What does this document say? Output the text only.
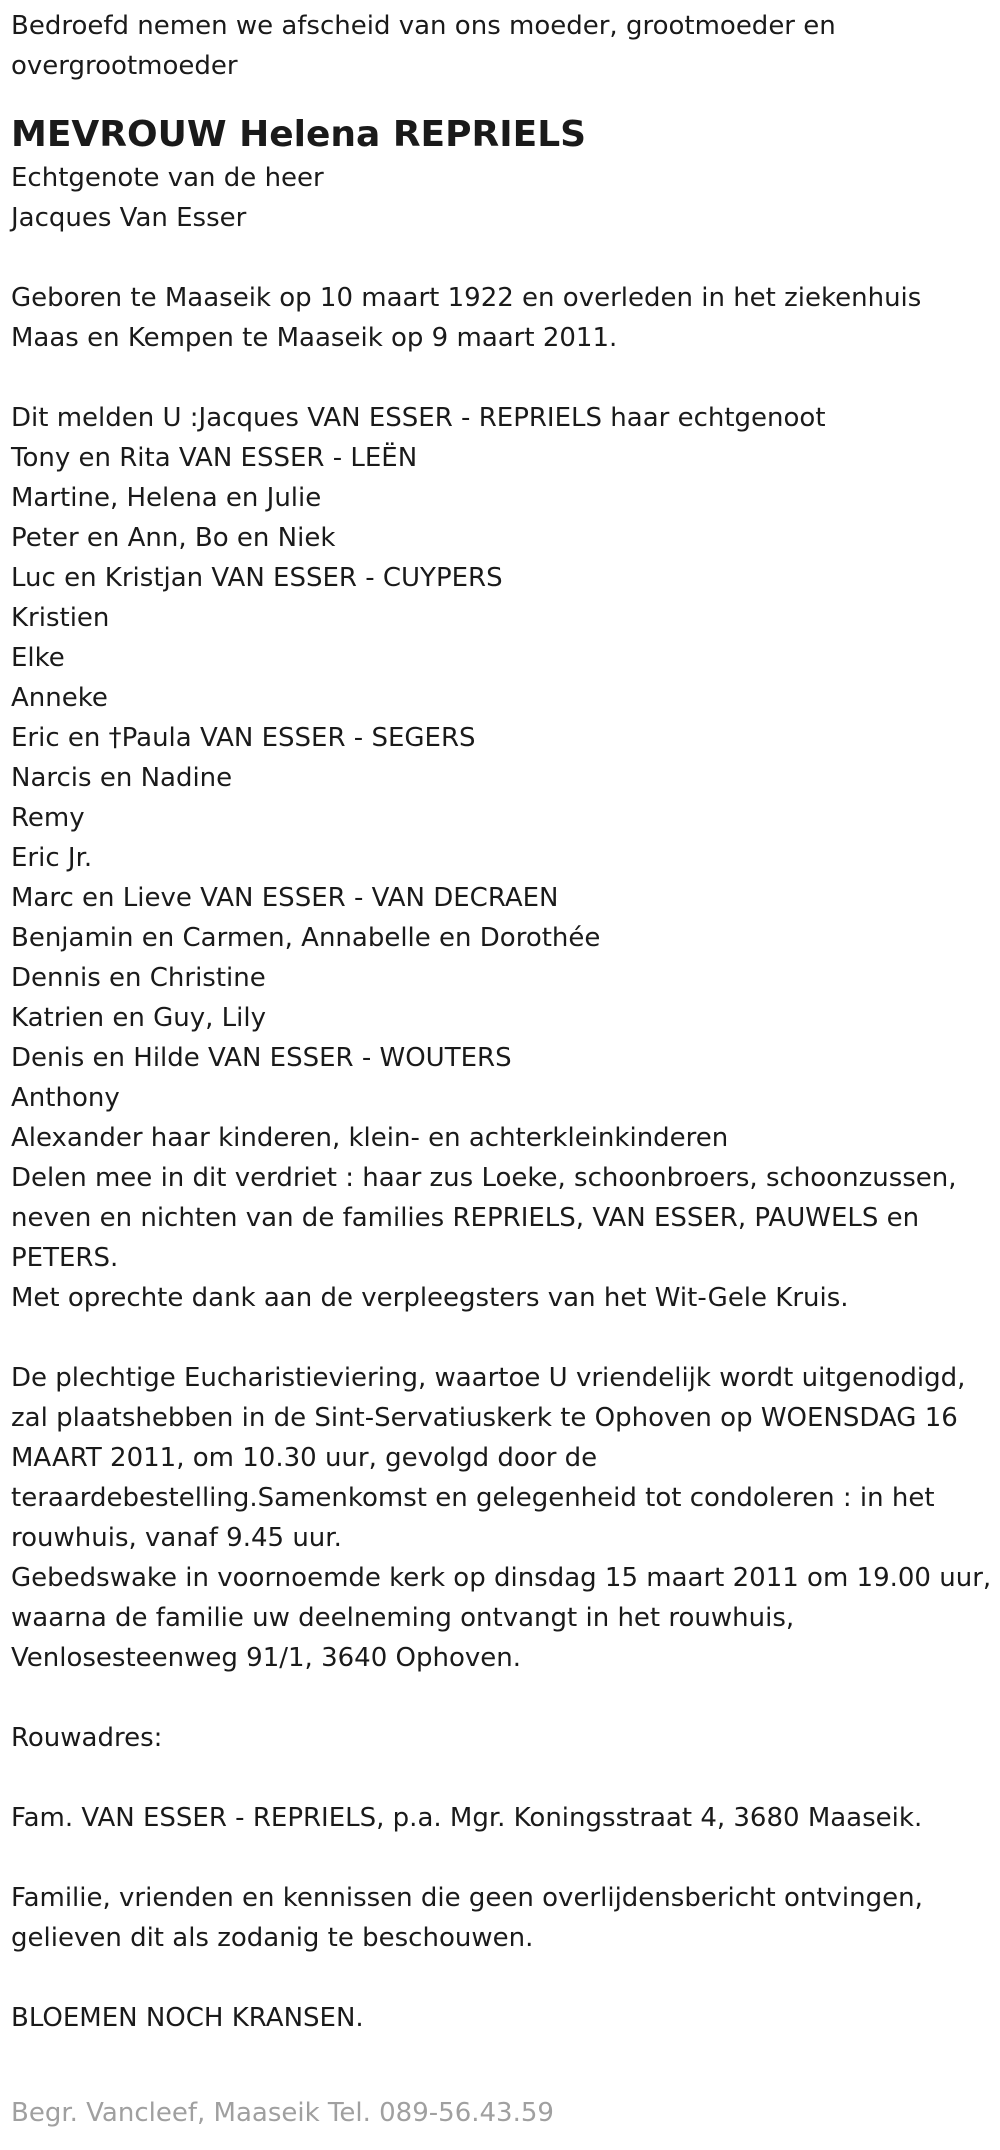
Bedroefd nemen we afscheid van ons moeder, grootmoeder en

overgrootmoeder

MEVROUW Helena REPRIELS

Echtgenote van de heer

Jacques Van Esser

Geboren te Maaseik op 10 maart 1922 en overleden in het ziekenhuis

Maas en Kempen te Maaseik op 9 maart 2011.

Dit melden U :Jacques VAN ESSER - REPRIELS haar echtgenoot

Tony en Rita VAN ESSER - LEËN

Martine, Helena en Julie

Peter en Ann, Bo en Niek

Luc en Kristjan VAN ESSER - CUYPERS

Kristien

Elke

Anneke

Eric en †Paula VAN ESSER - SEGERS

Narcis en Nadine

Remy

Eric Jr.

Marc en Lieve VAN ESSER - VAN DECRAEN

Benjamin en Carmen, Annabelle en Dorothée

Dennis en Christine

Katrien en Guy, Lily

Denis en Hilde VAN ESSER - WOUTERS

Anthony

Alexander haar kinderen, klein- en achterkleinkinderen

Delen mee in dit verdriet : haar zus Loeke, schoonbroers, schoonzussen,

neven en nichten van de families REPRIELS, VAN ESSER, PAUWELS en

PETERS.

Met oprechte dank aan de verpleegsters van het Wit-Gele Kruis.

De plechtige Eucharistieviering, waartoe U vriendelijk wordt uitgenodigd,

zal plaatshebben in de Sint-Servatiuskerk te Ophoven op WOENSDAG 16

MAART 2011, om 10.30 uur, gevolgd door de

teraardebestelling.Samenkomst en gelegenheid tot condoleren : in het

rouwhuis, vanaf 9.45 uur.

Gebedswake in voornoemde kerk op dinsdag 15 maart 2011 om 19.00 uur,

waarna de familie uw deelneming ontvangt in het rouwhuis,

Venlosesteenweg 91/1, 3640 Ophoven.

Rouwadres:

Fam. VAN ESSER - REPRIELS, p.a. Mgr. Koningsstraat 4, 3680 Maaseik.

Familie, vrienden en kennissen die geen overlijdensbericht ontvingen,

gelieven dit als zodanig te beschouwen.

BLOEMEN NOCH KRANSEN.

Begr. Vancleef, Maaseik Tel. 089-56.43.59
